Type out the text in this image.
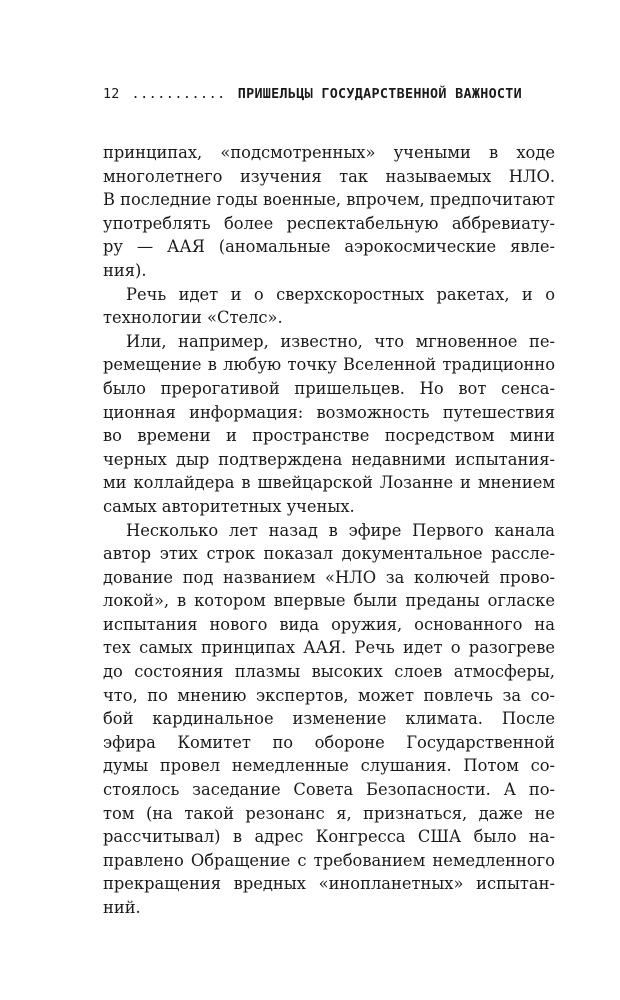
12 ........... ПРИШЕЛЬЦЫ ГОСУДАРСТВЕННОЙ ВАЖНОСТИ
принципах, «подсмотренных» учеными в ходе
многолетнего изучения так называемых НЛО.
В последние годы военные, впрочем, предпочитают
употреблять более респектабельную аббревиату-
ру — ААЯ (аномальные аэрокосмические явле-
ния).
Речь идет и о сверхскоростных ракетах, и о
технологии «Стелс».
Или, например, известно, что мгновенное пе-
ремещение в любую точку Вселенной традиционно
было прерогативой пришельцев. Но вот сенса-
ционная информация: возможность путешествия
во времени и пространстве посредством мини
черных дыр подтверждена недавними испытания-
ми коллайдера в швейцарской Лозанне и мнением
самых авторитетных ученых.
Несколько лет назад в эфире Первого канала
автор этих строк показал документальное рассле-
дование под названием «НЛО за колючей прово-
локой», в котором впервые были преданы огласке
испытания нового вида оружия, основанного на
тех самых принципах ААЯ. Речь идет о разогреве
до состояния плазмы высоких слоев атмосферы,
что, по мнению экспертов, может повлечь за со-
бой кардинальное изменение климата. После
эфира Комитет по обороне Государственной
думы провел немедленные слушания. Потом со-
стоялось заседание Совета Безопасности. А по-
том (на такой резонанс я, признаться, даже не
рассчитывал) в адрес Конгресса США было на-
правлено Обращение с требованием немедленного
прекращения вредных «инопланетных» испытан-
ний.
